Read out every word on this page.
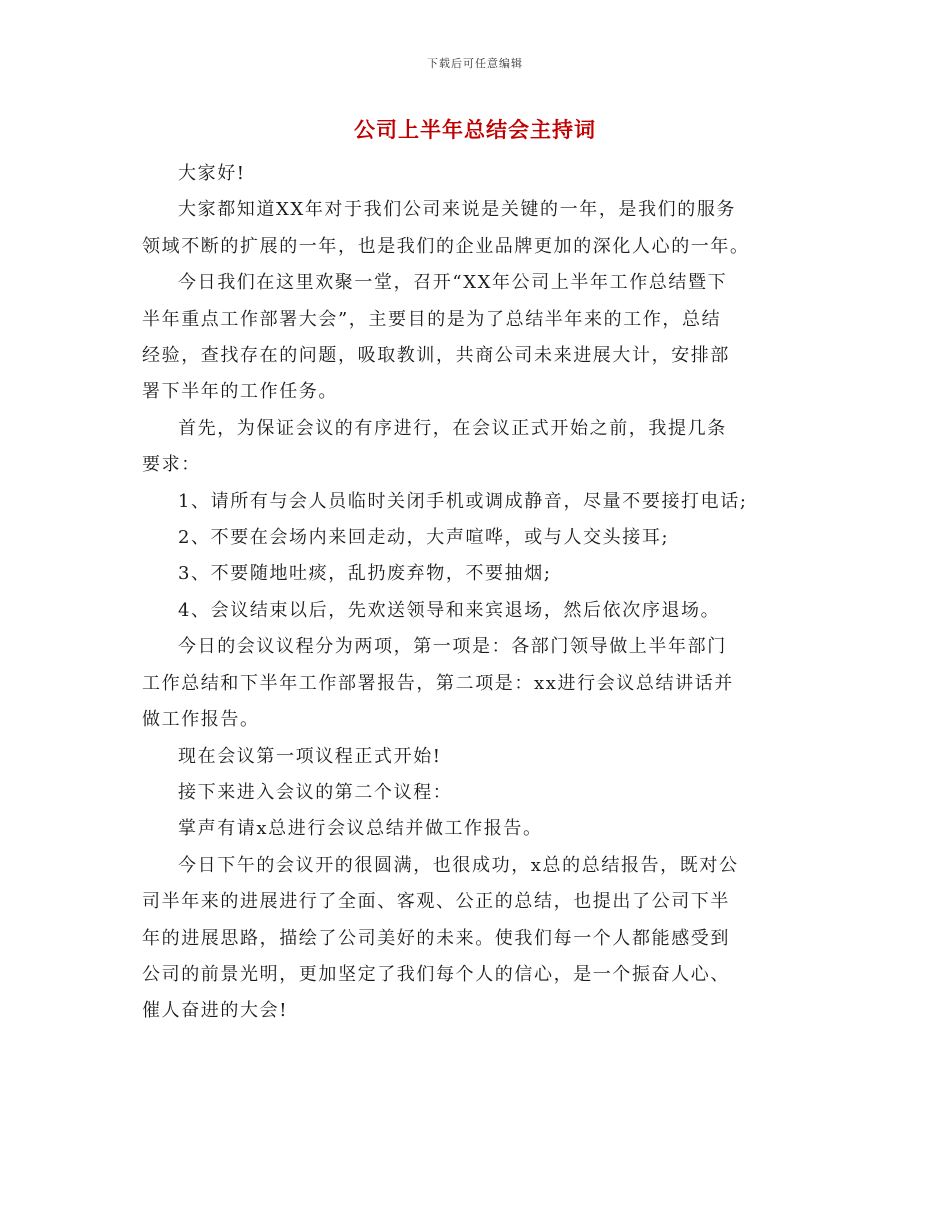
下载后可任意编辑
公司上半年总结会主持词

大家好!

大家都知道XX年对于我们公司来说是关键的一年，是我们的服务
领域不断的扩展的一年，也是我们的企业品牌更加的深化人心的一年。

今日我们在这里欢聚一堂，召开“XX年公司上半年工作总结暨下
半年重点工作部署大会”，主要目的是为了总结半年来的工作，总结
经验，查找存在的问题，吸取教训，共商公司未来进展大计，安排部
署下半年的工作任务。

首先，为保证会议的有序进行，在会议正式开始之前，我提几条
要求：

1、请所有与会人员临时关闭手机或调成静音，尽量不要接打电话;

2、不要在会场内来回走动，大声喧哗，或与人交头接耳;

3、不要随地吐痰，乱扔废弃物，不要抽烟;

4、会议结束以后，先欢送领导和来宾退场，然后依次序退场。

今日的会议议程分为两项，第一项是：各部门领导做上半年部门
工作总结和下半年工作部署报告，第二项是：xx进行会议总结讲话并
做工作报告。

现在会议第一项议程正式开始!

接下来进入会议的第二个议程：

掌声有请x总进行会议总结并做工作报告。

今日下午的会议开的很圆满，也很成功，x总的总结报告，既对公
司半年来的进展进行了全面、客观、公正的总结，也提出了公司下半
年的进展思路，描绘了公司美好的未来。使我们每一个人都能感受到
公司的前景光明，更加坚定了我们每个人的信心，是一个振奋人心、
催人奋进的大会!
